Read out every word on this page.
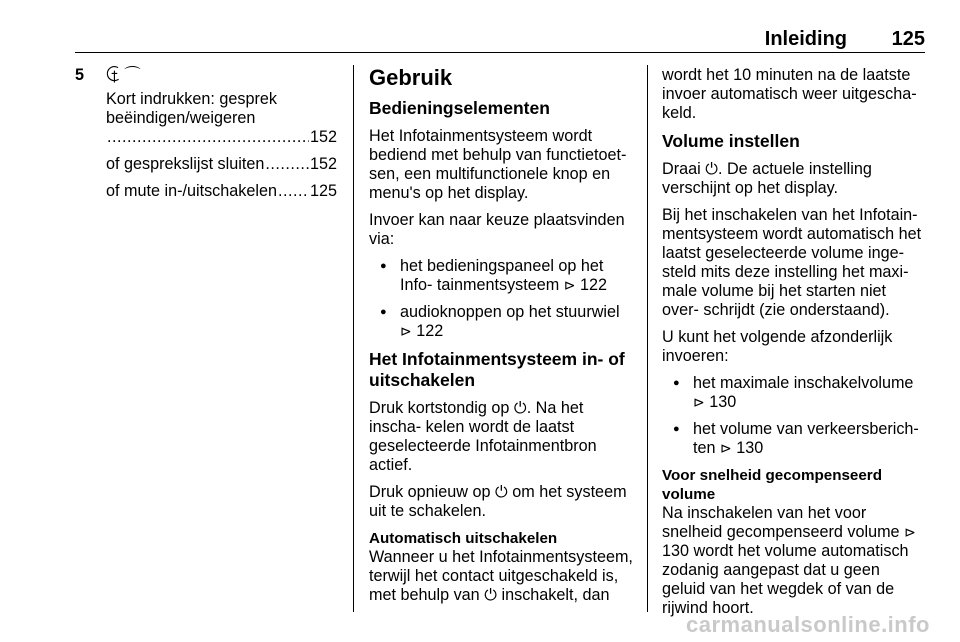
Inleiding 125
5 ⯡ ⌒
Kort indrukken: gesprek beëindigen/weigeren
.....
152
of gesprekslijst sluiten .....	152
of mute in-/uitschakelen ..... 125
Gebruik
Bedieningselementen

Het Infotainmentsysteem wordt bediend met behulp van functietoet- sen, een multifunctionele knop en menu's op het display.

Invoer kan naar keuze plaatsvinden via:

● het bedieningspaneel op het Info- tainmentsysteem ⊳ 122
● audioknoppen op het stuurwiel
⊳ 122
Het Infotainmentsysteem in- of uitschakelen

Druk kortstondig op ⏻. Na het inscha- kelen wordt de laatst geselecteerde Infotainmentbron actief.

Druk opnieuw op ⏻ om het systeem uit te schakelen.

Automatisch uitschakelen

Wanneer u het Infotainmentsysteem, terwijl het contact uitgeschakeld is, met behulp van ⏻ inschakelt, dan

wordt het 10 minuten na de laatste invoer automatisch weer uitgescha- keld.

Volume instellen

Draai ⏻. De actuele instelling verschijnt op het display.

Bij het inschakelen van het Infotain- mentsysteem wordt automatisch het laatst geselecteerde volume inge- steld mits deze instelling het maxi- male volume bij het starten niet over- schrijdt (zie onderstaand).

U kunt het volgende afzonderlijk invoeren:

● het maximale inschakelvolume
⊳ 130
● het volume van verkeersberich- ten ⊳ 130
Voor snelheid gecompenseerd volume

Na inschakelen van het voor snelheid gecompenseerd volume ⊳ 130 wordt het volume automatisch zodanig aangepast dat u geen geluid van het wegdek of van de rijwind hoort.

carmanualsonline.info
